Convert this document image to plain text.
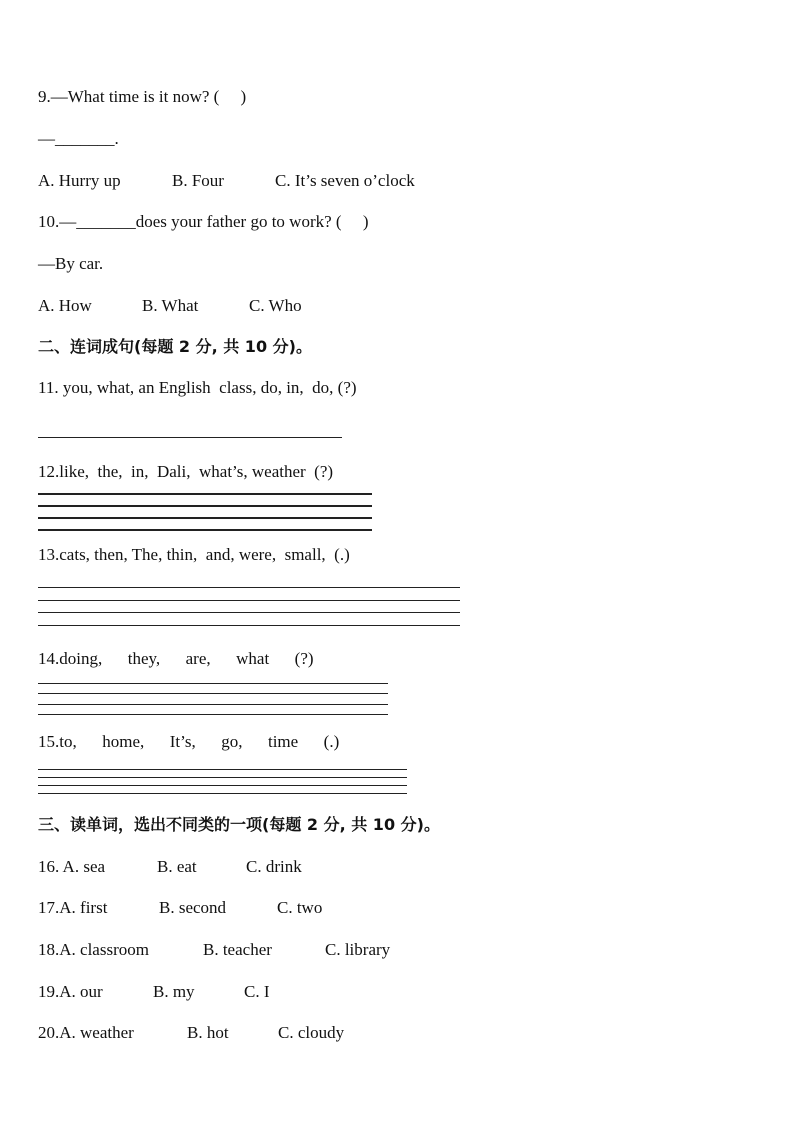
9.—What time is it now? (     )
—_______.
A. Hurry up	B. Four	C. It’s seven o’clock
10.—_______does your father go to work? (     )
—By car.
A. How	B. What	C. Who
二、连词成句(每题 2 分, 共 10 分)。
11. you, what, an English  class, do, in,  do, (?)
12.like,  the,  in,  Dali,  what’s, weather  (?)
13.cats, then, The, thin,  and, were,  small,  (.)
14.doing,      they,      are,      what      (?)
15.to,      home,      It’s,      go,      time      (.)
三、读单词，选出不同类的一项(每题 2 分, 共 10 分)。
16. A. sea	B. eat	C. drink
17.A. first	B. second	C. two
18.A. classroom	B. teacher	C. library
19.A. our	B. my	C. I
20.A. weather	B. hot	C. cloudy
